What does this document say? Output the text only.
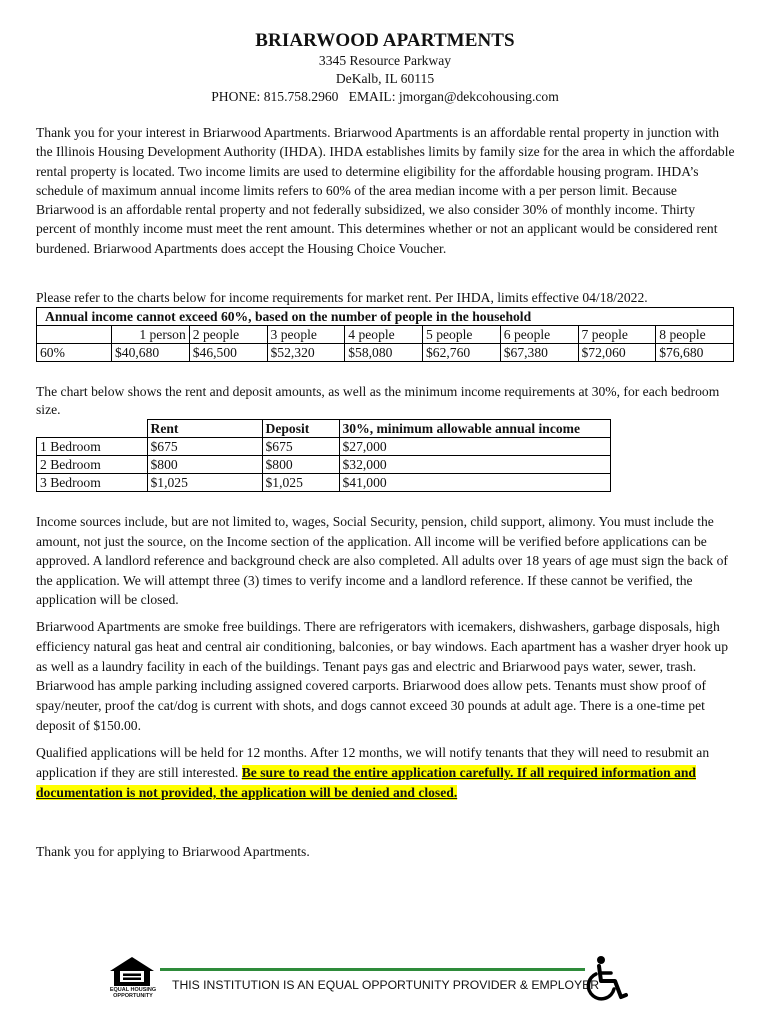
BRIARWOOD APARTMENTS
3345 Resource Parkway
DeKalb, IL 60115
PHONE: 815.758.2960   EMAIL: jmorgan@dekcohousing.com

Thank you for your interest in Briarwood Apartments. Briarwood Apartments is an affordable rental property in junction with the Illinois Housing Development Authority (IHDA). IHDA establishes limits by family size for the area in which the affordable rental property is located. Two income limits are used to determine eligibility for the affordable housing program. IHDA’s schedule of maximum annual income limits refers to 60% of the area median income with a per person limit. Because Briarwood is an affordable rental property and not federally subsidized, we also consider 30% of monthly income. Thirty percent of monthly income must meet the rent amount. This determines whether or not an applicant would be considered rent burdened. Briarwood Apartments does accept the Housing Choice Voucher.

Please refer to the charts below for income requirements for market rent. Per IHDA, limits effective 04/18/2022.

Annual income cannot exceed 60%, based on the number of people in the household								
	1 person	2 people	3 people	4 people	5 people	6 people	7 people	8 people
60%	$40,680	$46,500	$52,320	$58,080	$62,760	$67,380	$72,060	$76,680

The chart below shows the rent and deposit amounts, as well as the minimum income requirements at 30%, for each bedroom size.

	Rent	Deposit	30%, minimum allowable annual income
1 Bedroom	$675	$675	$27,000
2 Bedroom	$800	$800	$32,000
3 Bedroom	$1,025	$1,025	$41,000

Income sources include, but are not limited to, wages, Social Security, pension, child support, alimony. You must include the amount, not just the source, on the Income section of the application. All income will be verified before applications can be approved. A landlord reference and background check are also completed. All adults over 18 years of age must sign the back of the application. We will attempt three (3) times to verify income and a landlord reference. If these cannot be verified, the application will be closed.

Briarwood Apartments are smoke free buildings. There are refrigerators with icemakers, dishwashers, garbage disposals, high efficiency natural gas heat and central air conditioning, balconies, or bay windows. Each apartment has a washer dryer hook up as well as a laundry facility in each of the buildings. Tenant pays gas and electric and Briarwood pays water, sewer, trash. Briarwood has ample parking including assigned covered carports. Briarwood does allow pets. Tenants must show proof of spay/neuter, proof the cat/dog is current with shots, and dogs cannot exceed 30 pounds at adult age. There is a one-time pet deposit of $150.00.

Qualified applications will be held for 12 months. After 12 months, we will notify tenants that they will need to resubmit an application if they are still interested. Be sure to read the entire application carefully. If all required information and documentation is not provided, the application will be denied and closed.

Thank you for applying to Briarwood Apartments.

EQUAL HOUSING
OPPORTUNITY
THIS INSTITUTION IS AN EQUAL OPPORTUNITY PROVIDER & EMPLOYER
